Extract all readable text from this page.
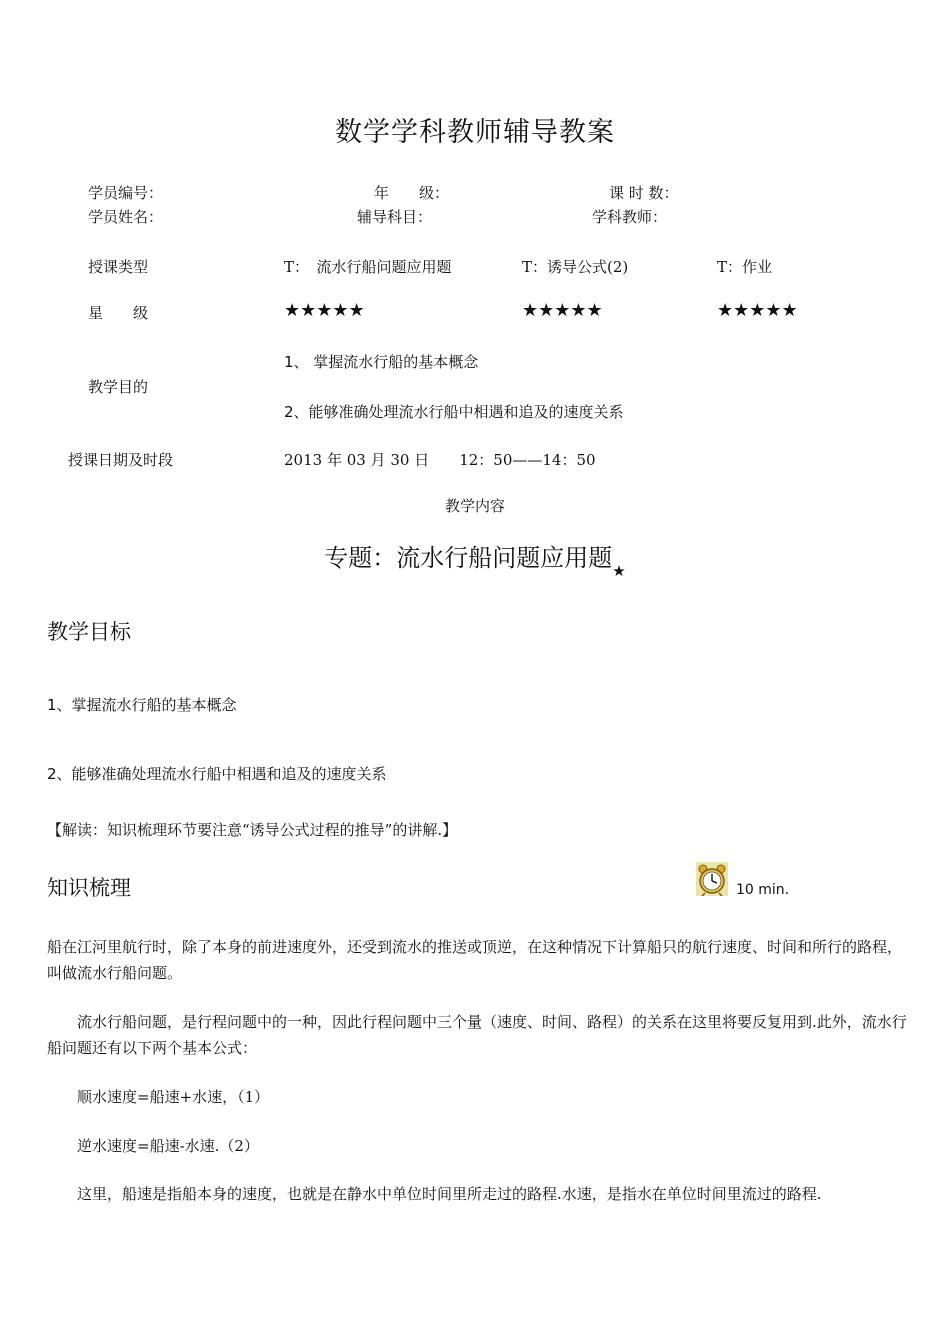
数学学科教师辅导教案
学员编号：	年　　级：	课 时 数：
学员姓名：	辅导科目：	学科教师：
授课类型	T：　流水行船问题应用题	T：诱导公式(2)	T：作业
星　　级	★★★★★	★★★★★	★★★★★
教学目的
1、 掌握流水行船的基本概念
2、能够准确处理流水行船中相遇和追及的速度关系
授课日期及时段	2013 年 03 月 30 日　　12：50——14：50
教学内容
专题：流水行船问题应用题$_★$
教学目标
1、掌握流水行船的基本概念
2、能够准确处理流水行船中相遇和追及的速度关系
【解读：知识梳理环节要注意“诱导公式过程的推导”的讲解.】
知识梳理	10 min.
船在江河里航行时，除了本身的前进速度外，还受到流水的推送或顶逆，在这种情况下计算船只的航行速度、时间和所行的路程，叫做流水行船问题。
　　流水行船问题，是行程问题中的一种，因此行程问题中三个量（速度、时间、路程）的关系在这里将要反复用到.此外，流水行船问题还有以下两个基本公式：
　　顺水速度=船速+水速，（1）
　　逆水速度=船速-水速.（2）
　　这里，船速是指船本身的速度，也就是在静水中单位时间里所走过的路程.水速，是指水在单位时间里流过的路程.
